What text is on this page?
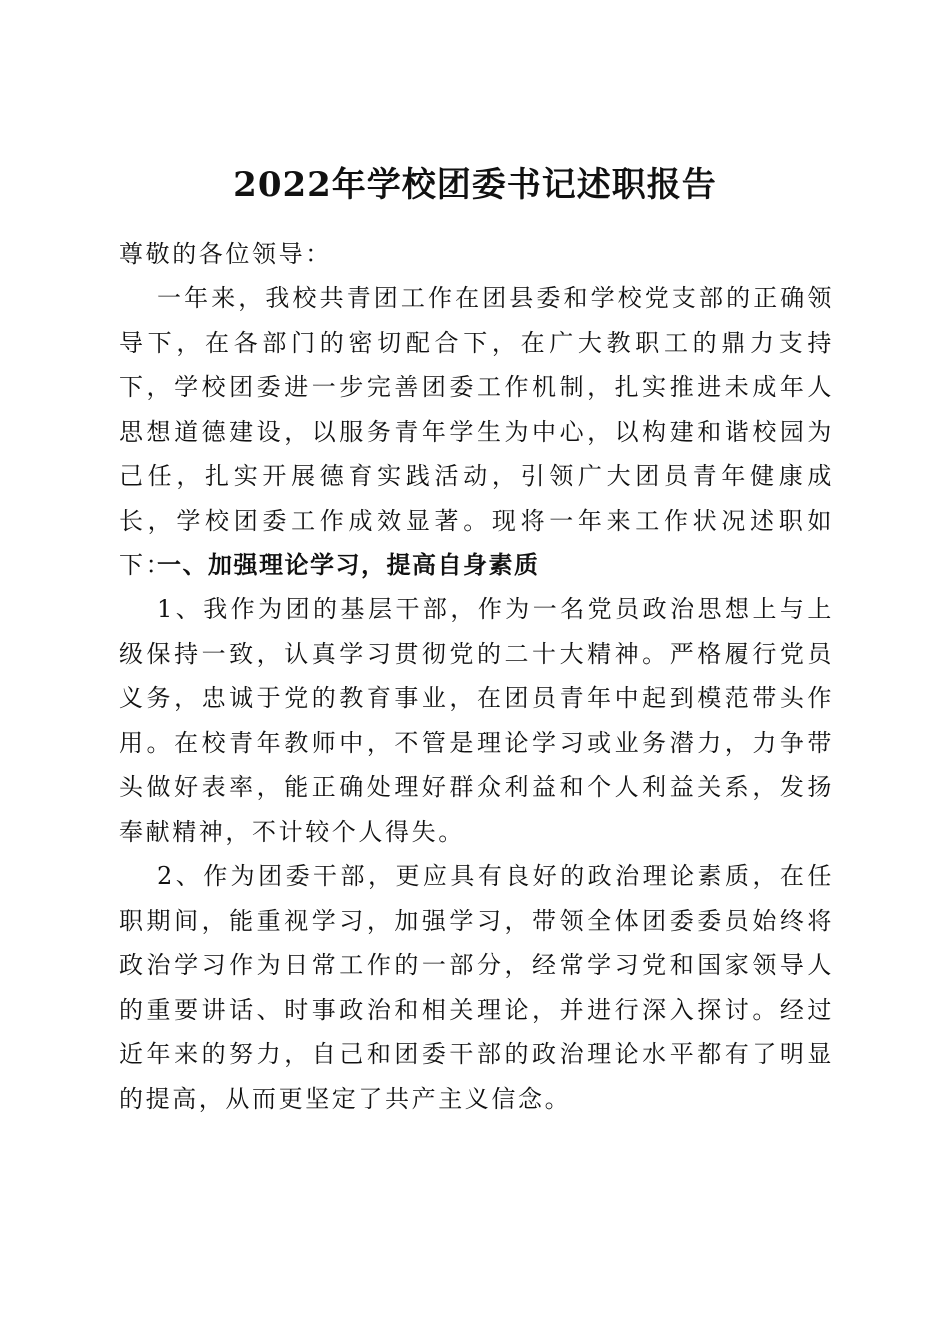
2022年学校团委书记述职报告

尊敬的各位领导：

一年来，我校共青团工作在团县委和学校党支部的正确领导下，在各部门的密切配合下，在广大教职工的鼎力支持下，学校团委进一步完善团委工作机制，扎实推进未成年人思想道德建设，以服务青年学生为中心，以构建和谐校园为己任，扎实开展德育实践活动，引领广大团员青年健康成长，学校团委工作成效显著。现将一年来工作状况述职如下：

一、加强理论学习，提高自身素质

1、我作为团的基层干部，作为一名党员政治思想上与上级保持一致，认真学习贯彻党的二十大精神。严格履行党员义务，忠诚于党的教育事业，在团员青年中起到模范带头作用。在校青年教师中，不管是理论学习或业务潜力，力争带头做好表率，能正确处理好群众利益和个人利益关系，发扬奉献精神，不计较个人得失。

2、作为团委干部，更应具有良好的政治理论素质，在任职期间，能重视学习，加强学习，带领全体团委委员始终将政治学习作为日常工作的一部分，经常学习党和国家领导人的重要讲话、时事政治和相关理论，并进行深入探讨。经过近年来的努力，自己和团委干部的政治理论水平都有了明显的提高，从而更坚定了共产主义信念。
